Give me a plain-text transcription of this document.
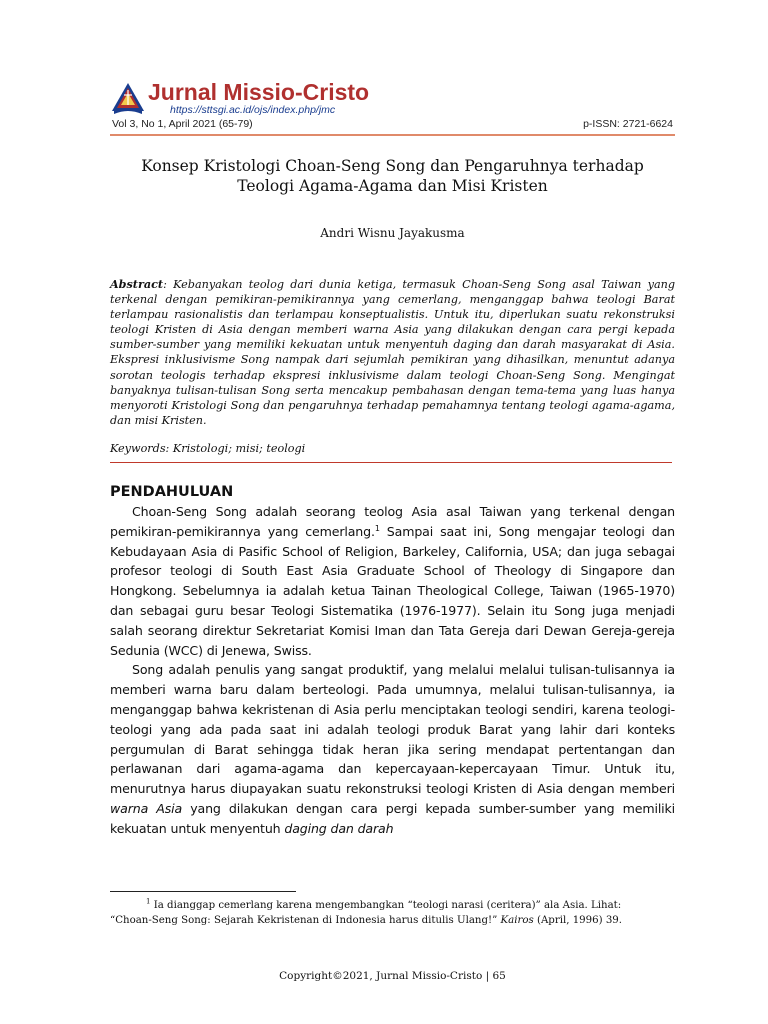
Jurnal Missio-Cristo
https://sttsgi.ac.id/ojs/index.php/jmc
Vol 3, No 1, April 2021 (65-79)	p-ISSN: 2721-6624
Konsep Kristologi Choan-Seng Song dan Pengaruhnya terhadap
Teologi Agama-Agama dan Misi Kristen
Andri Wisnu Jayakusma
Abstract: Kebanyakan teolog dari dunia ketiga, termasuk Choan-Seng Song asal Taiwan yang terkenal dengan pemikiran-pemikirannya yang cemerlang, menganggap bahwa teologi Barat terlampau rasionalistis dan terlampau konseptualistis. Untuk itu, diperlukan suatu rekonstruksi teologi Kristen di Asia dengan memberi warna Asia yang dilakukan dengan cara pergi kepada sumber-sumber yang memiliki kekuatan untuk menyentuh daging dan darah masyarakat di Asia. Ekspresi inklusivisme Song nampak dari sejumlah pemikiran yang dihasilkan, menuntut adanya sorotan teologis terhadap ekspresi inklusivisme dalam teologi Choan-Seng Song. Mengingat banyaknya tulisan-tulisan Song serta mencakup pembahasan dengan tema-tema yang luas hanya menyoroti Kristologi Song dan pengaruhnya terhadap pemahamnya tentang teologi agama-agama, dan misi Kristen.
Keywords: Kristologi; misi; teologi
PENDAHULUAN

Choan-Seng Song adalah seorang teolog Asia asal Taiwan yang terkenal dengan pemikiran-pemikirannya yang cemerlang.$^1$ Sampai saat ini, Song mengajar teologi dan Kebudayaan Asia di Pasific School of Religion, Barkeley, California, USA; dan juga sebagai profesor teologi di South East Asia Graduate School of Theology di Singapore dan Hongkong. Sebelumnya ia adalah ketua Tainan Theological College, Taiwan (1965-1970) dan sebagai guru besar Teologi Sistematika (1976-1977). Selain itu Song juga menjadi salah seorang direktur Sekretariat Komisi Iman dan Tata Gereja dari Dewan Gereja-gereja Sedunia (WCC) di Jenewa, Swiss.

Song adalah penulis yang sangat produktif, yang melalui melalui tulisan-tulisannya ia memberi warna baru dalam berteologi. Pada umumnya, melalui tulisan-tulisannya, ia menganggap bahwa kekristenan di Asia perlu menciptakan teologi sendiri, karena teologi-teologi yang ada pada saat ini adalah teologi produk Barat yang lahir dari konteks pergumulan di Barat sehingga tidak heran jika sering mendapat pertentangan dan perlawanan dari agama-agama dan kepercayaan-kepercayaan Timur. Untuk itu, menurutnya harus diupayakan suatu rekonstruksi teologi Kristen di Asia dengan memberi warna Asia yang dilakukan dengan cara pergi kepada sumber-sumber yang memiliki kekuatan untuk menyentuh daging dan darah

$^1$ Ia dianggap cemerlang karena mengembangkan “teologi narasi (ceritera)” ala Asia. Lihat:
“Choan-Seng Song: Sejarah Kekristenan di Indonesia harus ditulis Ulang!” Kairos (April, 1996) 39.
Copyright©2021, Jurnal Missio-Cristo | 65
